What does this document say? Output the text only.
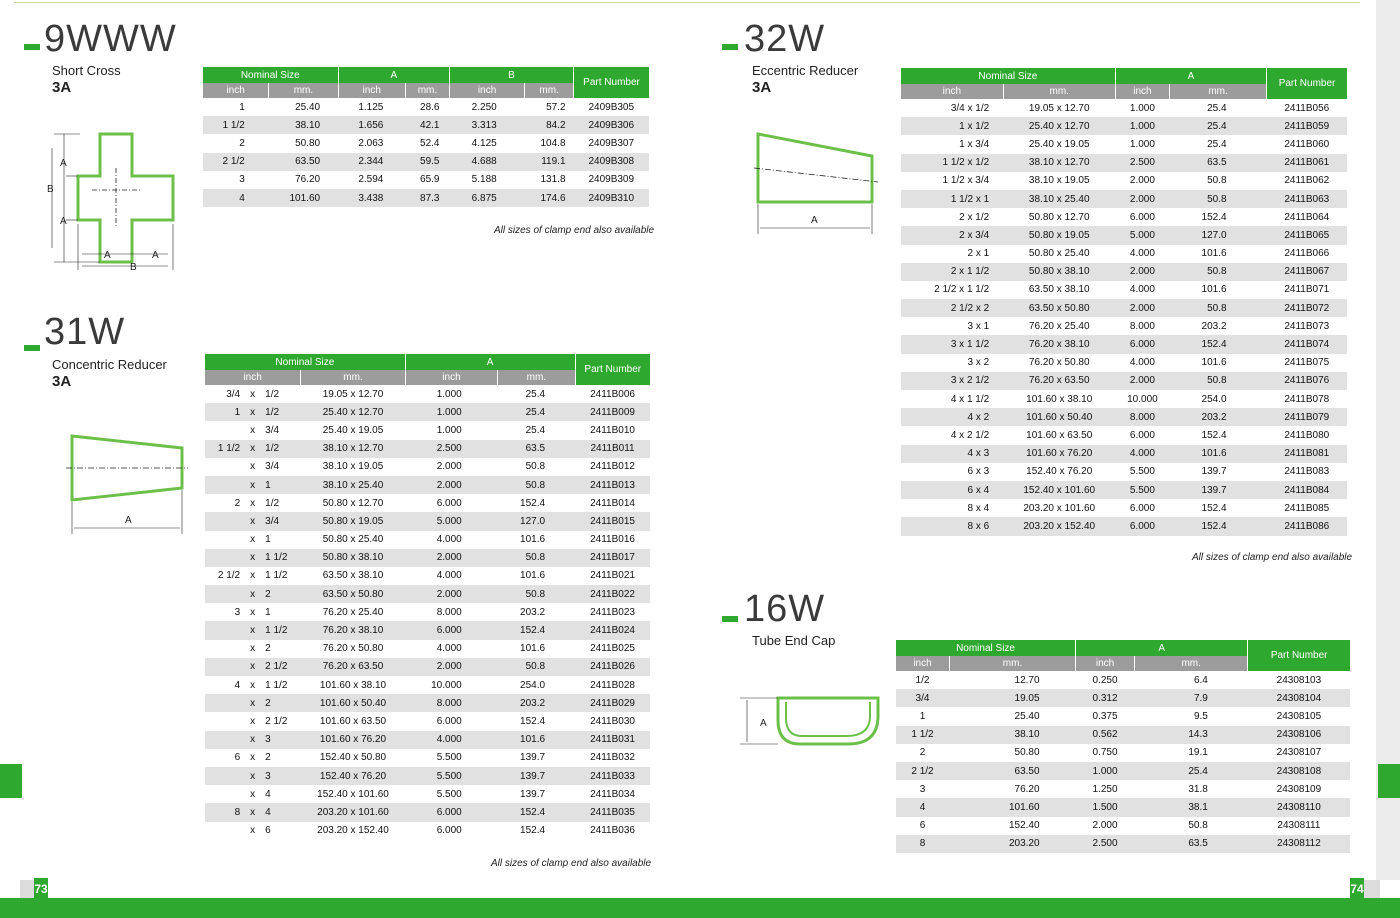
73	74
9WWW
Short Cross
3A
A
B
A
A	A
B
Nominal Size		A		B		Part Number
inch	mm.	inch	mm.	inch	mm.	
1	25.40	1.125	28.6	2.250	57.2	2409B305
1 1/2	38.10	1.656	42.1	3.313	84.2	2409B306
2	50.80	2.063	52.4	4.125	104.8	2409B307
2 1/2	63.50	2.344	59.5	4.688	119.1	2409B308
3	76.20	2.594	65.9	5.188	131.8	2409B309
4	101.60	3.438	87.3	6.875	174.6	2409B310
All sizes of clamp end also available
31W
Concentric Reducer
3A
A
Nominal Size				A		Part Number
inch			mm.	inch	mm.	
3/4	x	1/2	19.05 x 12.70	1.000	25.4	2411B006
1	x	1/2	25.40 x 12.70	1.000	25.4	2411B009
	x	3/4	25.40 x 19.05	1.000	25.4	2411B010
1 1/2	x	1/2	38.10 x 12.70	2.500	63.5	2411B011
	x	3/4	38.10 x 19.05	2.000	50.8	2411B012
	x	1	38.10 x 25.40	2.000	50.8	2411B013
2	x	1/2	50.80 x 12.70	6.000	152.4	2411B014
	x	3/4	50.80 x 19.05	5.000	127.0	2411B015
	x	1	50.80 x 25.40	4.000	101.6	2411B016
	x	1 1/2	50.80 x 38.10	2.000	50.8	2411B017
2 1/2	x	1 1/2	63.50 x 38.10	4.000	101.6	2411B021
	x	2	63.50 x 50.80	2.000	50.8	2411B022
3	x	1	76.20 x 25.40	8.000	203.2	2411B023
	x	1 1/2	76.20 x 38.10	6.000	152.4	2411B024
	x	2	76.20 x 50.80	4.000	101.6	2411B025
	x	2 1/2	76.20 x 63.50	2.000	50.8	2411B026
4	x	1 1/2	101.60 x 38.10	10.000	254.0	2411B028
	x	2	101.60 x 50.40	8.000	203.2	2411B029
	x	2 1/2	101.60 x 63.50	6.000	152.4	2411B030
	x	3	101.60 x 76.20	4.000	101.6	2411B031
6	x	2	152.40 x 50.80	5.500	139.7	2411B032
	x	3	152.40 x 76.20	5.500	139.7	2411B033
	x	4	152.40 x 101.60	5.500	139.7	2411B034
8	x	4	203.20 x 101.60	6.000	152.4	2411B035
	x	6	203.20 x 152.40	6.000	152.4	2411B036
All sizes of clamp end also available
32W
Eccentric Reducer
3A
A
Nominal Size		A		Part Number
inch	mm.	inch	mm.	
3/4 x 1/2	19.05 x 12.70	1.000	25.4	2411B056
1 x 1/2	25.40 x 12.70	1.000	25.4	2411B059
1 x 3/4	25.40 x 19.05	1.000	25.4	2411B060
1 1/2 x 1/2	38.10 x 12.70	2.500	63.5	2411B061
1 1/2 x 3/4	38.10 x 19.05	2.000	50.8	2411B062
1 1/2 x 1	38.10 x 25.40	2.000	50.8	2411B063
2 x 1/2	50.80 x 12.70	6.000	152.4	2411B064
2 x 3/4	50.80 x 19.05	5.000	127.0	2411B065
2 x 1	50.80 x 25.40	4.000	101.6	2411B066
2 x 1 1/2	50.80 x 38.10	2.000	50.8	2411B067
2 1/2 x 1 1/2	63.50 x 38.10	4.000	101.6	2411B071
2 1/2 x 2	63.50 x 50.80	2.000	50.8	2411B072
3 x 1	76.20 x 25.40	8.000	203.2	2411B073
3 x 1 1/2	76.20 x 38.10	6.000	152.4	2411B074
3 x 2	76.20 x 50.80	4.000	101.6	2411B075
3 x 2 1/2	76.20 x 63.50	2.000	50.8	2411B076
4 x 1 1/2	101.60 x 38.10	10.000	254.0	2411B078
4 x 2	101.60 x 50.40	8.000	203.2	2411B079
4 x 2 1/2	101.60 x 63.50	6.000	152.4	2411B080
4 x 3	101.60 x 76.20	4.000	101.6	2411B081
6 x 3	152.40 x 76.20	5.500	139.7	2411B083
6 x 4	152.40 x 101.60	5.500	139.7	2411B084
8 x 4	203.20 x 101.60	6.000	152.4	2411B085
8 x 6	203.20 x 152.40	6.000	152.4	2411B086
All sizes of clamp end also available
16W
Tube End Cap
A
Nominal Size		A		Part Number
inch	mm.	inch	mm.	
1/2	12.70	0.250	6.4	24308103
3/4	19.05	0.312	7.9	24308104
1	25.40	0.375	9.5	24308105
1 1/2	38.10	0.562	14.3	24308106
2	50.80	0.750	19.1	24308107
2 1/2	63.50	1.000	25.4	24308108
3	76.20	1.250	31.8	24308109
4	101.60	1.500	38.1	24308110
6	152.40	2.000	50.8	24308111
8	203.20	2.500	63.5	24308112
